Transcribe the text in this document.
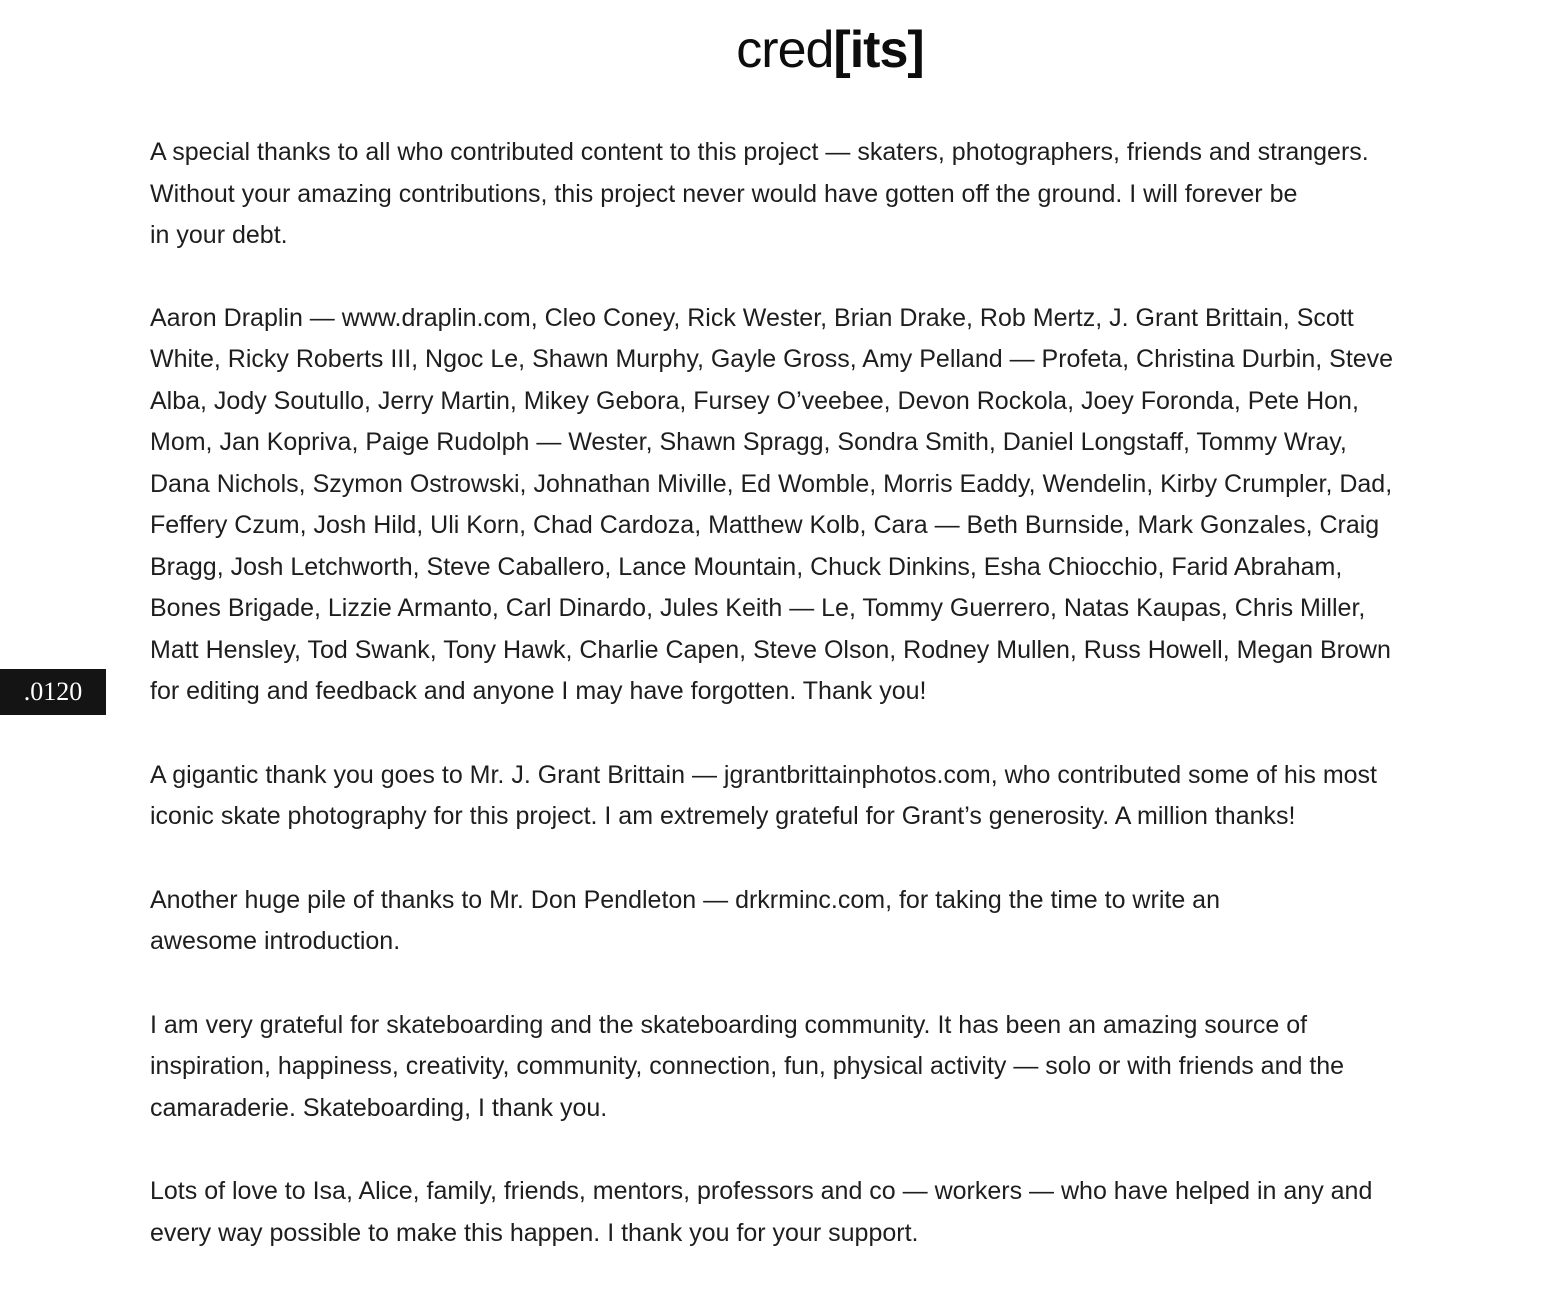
cred[its]
.0120

A special thanks to all who contributed content to this project — skaters, photographers, friends and strangers.
Without your amazing contributions, this project never would have gotten off the ground. I will forever be
in your debt.

Aaron Draplin — www.draplin.com, Cleo Coney, Rick Wester, Brian Drake, Rob Mertz, J. Grant Brittain, Scott
White, Ricky Roberts III, Ngoc Le, Shawn Murphy, Gayle Gross, Amy Pelland — Profeta, Christina Durbin, Steve
Alba, Jody Soutullo, Jerry Martin, Mikey Gebora, Fursey O’veebee, Devon Rockola, Joey Foronda, Pete Hon,
Mom, Jan Kopriva, Paige Rudolph — Wester, Shawn Spragg, Sondra Smith, Daniel Longstaff, Tommy Wray,
Dana Nichols, Szymon Ostrowski, Johnathan Miville, Ed Womble, Morris Eaddy, Wendelin, Kirby Crumpler, Dad,
Feffery Czum, Josh Hild, Uli Korn, Chad Cardoza, Matthew Kolb, Cara — Beth Burnside, Mark Gonzales, Craig
Bragg, Josh Letchworth, Steve Caballero, Lance Mountain, Chuck Dinkins, Esha Chiocchio, Farid Abraham,
Bones Brigade, Lizzie Armanto, Carl Dinardo, Jules Keith — Le, Tommy Guerrero, Natas Kaupas, Chris Miller,
Matt Hensley, Tod Swank, Tony Hawk, Charlie Capen, Steve Olson, Rodney Mullen, Russ Howell, Megan Brown
for editing and feedback and anyone I may have forgotten. Thank you!

A gigantic thank you goes to Mr. J. Grant Brittain — jgrantbrittainphotos.com, who contributed some of his most
iconic skate photography for this project. I am extremely grateful for Grant’s generosity. A million thanks!

Another huge pile of thanks to Mr. Don Pendleton — drkrminc.com, for taking the time to write an
awesome introduction.

I am very grateful for skateboarding and the skateboarding community. It has been an amazing source of
inspiration, happiness, creativity, community, connection, fun, physical activity — solo or with friends and the
camaraderie. Skateboarding, I thank you.

Lots of love to Isa, Alice, family, friends, mentors, professors and co — workers — who have helped in any and
every way possible to make this happen. I thank you for your support.
